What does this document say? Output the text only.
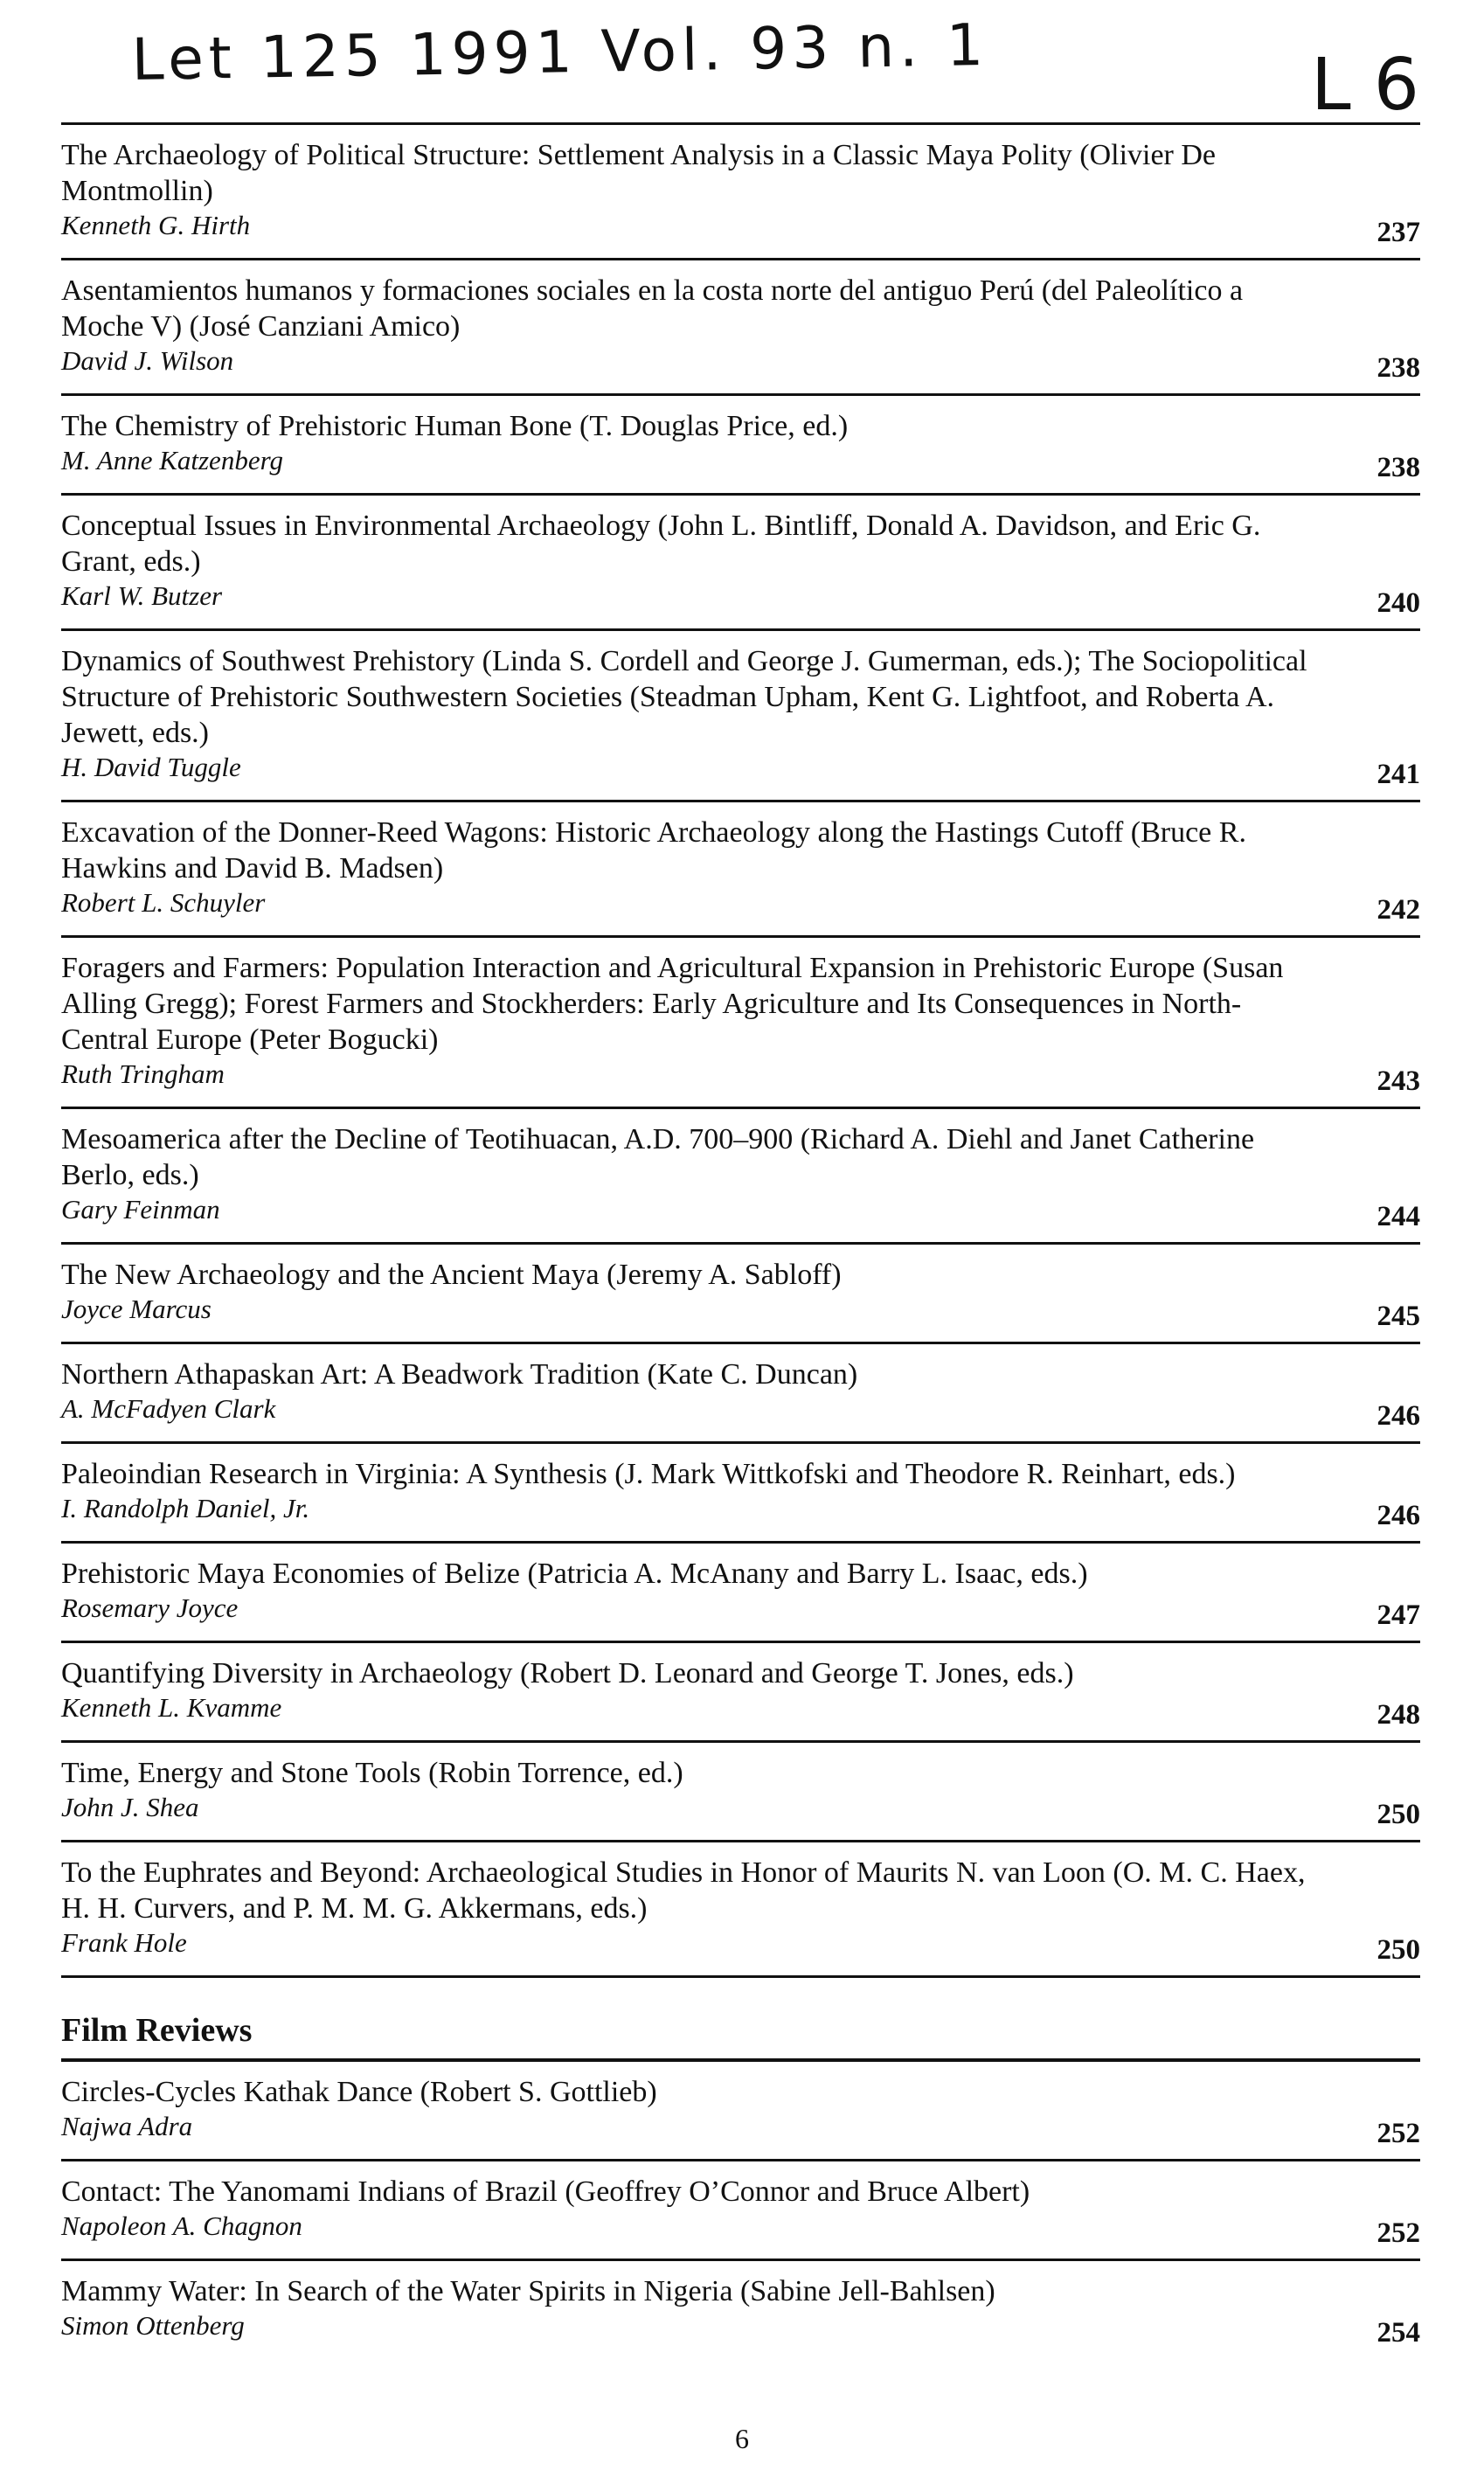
Let 125 1991 Vol. 93 n. 1	L 6
The Archaeology of Political Structure: Settlement Analysis in a Classic Maya Polity (Olivier De Montmollin)
Kenneth G. Hirth	237
Asentamientos humanos y formaciones sociales en la costa norte del antiguo Perú (del Paleolítico a Moche V) (José Canziani Amico)
David J. Wilson	238
The Chemistry of Prehistoric Human Bone (T. Douglas Price, ed.)
M. Anne Katzenberg	238
Conceptual Issues in Environmental Archaeology (John L. Bintliff, Donald A. Davidson, and Eric G. Grant, eds.)
Karl W. Butzer	240
Dynamics of Southwest Prehistory (Linda S. Cordell and George J. Gumerman, eds.); The Sociopolitical Structure of Prehistoric Southwestern Societies (Steadman Upham, Kent G. Lightfoot, and Roberta A. Jewett, eds.)
H. David Tuggle	241
Excavation of the Donner-Reed Wagons: Historic Archaeology along the Hastings Cutoff (Bruce R. Hawkins and David B. Madsen)
Robert L. Schuyler	242
Foragers and Farmers: Population Interaction and Agricultural Expansion in Prehistoric Europe (Susan Alling Gregg); Forest Farmers and Stockherders: Early Agriculture and Its Consequences in North-Central Europe (Peter Bogucki)
Ruth Tringham	243
Mesoamerica after the Decline of Teotihuacan, A.D. 700–900 (Richard A. Diehl and Janet Catherine Berlo, eds.)
Gary Feinman	244
The New Archaeology and the Ancient Maya (Jeremy A. Sabloff)
Joyce Marcus	245
Northern Athapaskan Art: A Beadwork Tradition (Kate C. Duncan)
A. McFadyen Clark	246
Paleoindian Research in Virginia: A Synthesis (J. Mark Wittkofski and Theodore R. Reinhart, eds.)
I. Randolph Daniel, Jr.	246
Prehistoric Maya Economies of Belize (Patricia A. McAnany and Barry L. Isaac, eds.)
Rosemary Joyce	247
Quantifying Diversity in Archaeology (Robert D. Leonard and George T. Jones, eds.)
Kenneth L. Kvamme	248
Time, Energy and Stone Tools (Robin Torrence, ed.)
John J. Shea	250
To the Euphrates and Beyond: Archaeological Studies in Honor of Maurits N. van Loon (O. M. C. Haex, H. H. Curvers, and P. M. M. G. Akkermans, eds.)
Frank Hole	250
Film Reviews
Circles-Cycles Kathak Dance (Robert S. Gottlieb)
Najwa Adra	252
Contact: The Yanomami Indians of Brazil (Geoffrey O’Connor and Bruce Albert)
Napoleon A. Chagnon	252
Mammy Water: In Search of the Water Spirits in Nigeria (Sabine Jell-Bahlsen)
Simon Ottenberg	254
6
